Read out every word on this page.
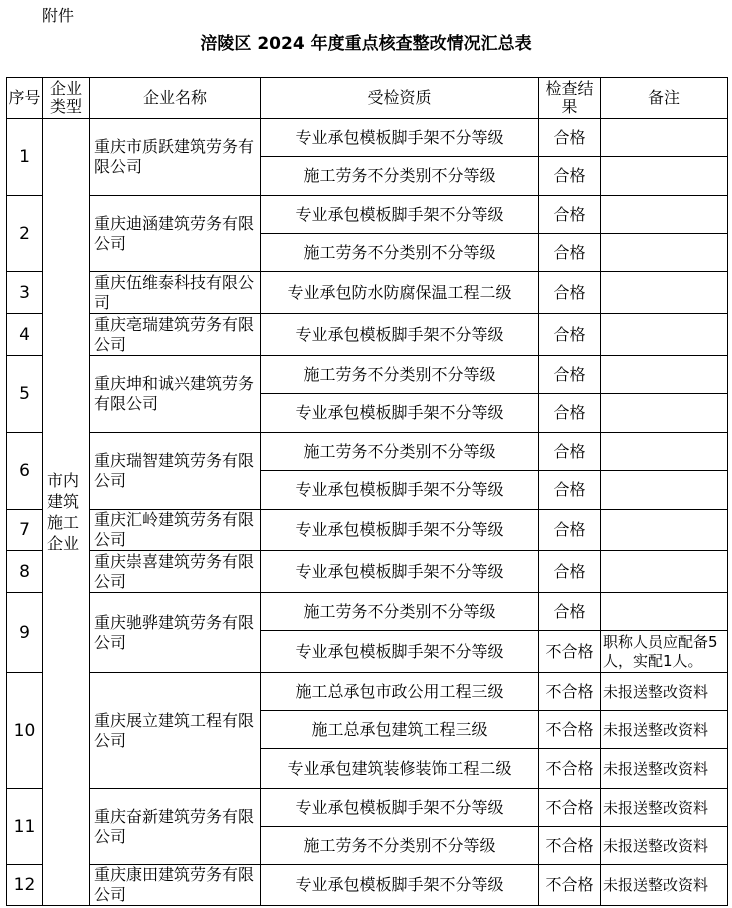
附件
涪陵区 2024 年度重点核查整改情况汇总表
序号	企业类型	企业名称	受检资质	检查结果	备注
1	市内建筑施工企业	重庆市质跃建筑劳务有限公司	专业承包模板脚手架不分等级	合格	
			施工劳务不分类别不分等级	合格	
2		重庆迪涵建筑劳务有限公司	专业承包模板脚手架不分等级	合格	
			施工劳务不分类别不分等级	合格	
3		重庆伍维泰科技有限公司	专业承包防水防腐保温工程二级	合格	
4		重庆亳瑞建筑劳务有限公司	专业承包模板脚手架不分等级	合格	
5		重庆坤和诚兴建筑劳务有限公司	施工劳务不分类别不分等级	合格	
			专业承包模板脚手架不分等级	合格	
6		重庆瑞智建筑劳务有限公司	施工劳务不分类别不分等级	合格	
			专业承包模板脚手架不分等级	合格	
7		重庆汇岭建筑劳务有限公司	专业承包模板脚手架不分等级	合格	
8		重庆崇喜建筑劳务有限公司	专业承包模板脚手架不分等级	合格	
9		重庆驰骅建筑劳务有限公司	施工劳务不分类别不分等级	合格	
			专业承包模板脚手架不分等级	不合格	职称人员应配备5人，实配1人。
10		重庆展立建筑工程有限公司	施工总承包市政公用工程三级	不合格	未报送整改资料
			施工总承包建筑工程三级	不合格	未报送整改资料
			专业承包建筑装修装饰工程二级	不合格	未报送整改资料
11		重庆奋新建筑劳务有限公司	专业承包模板脚手架不分等级	不合格	未报送整改资料
			施工劳务不分类别不分等级	不合格	未报送整改资料
12		重庆康田建筑劳务有限公司	专业承包模板脚手架不分等级	不合格	未报送整改资料
